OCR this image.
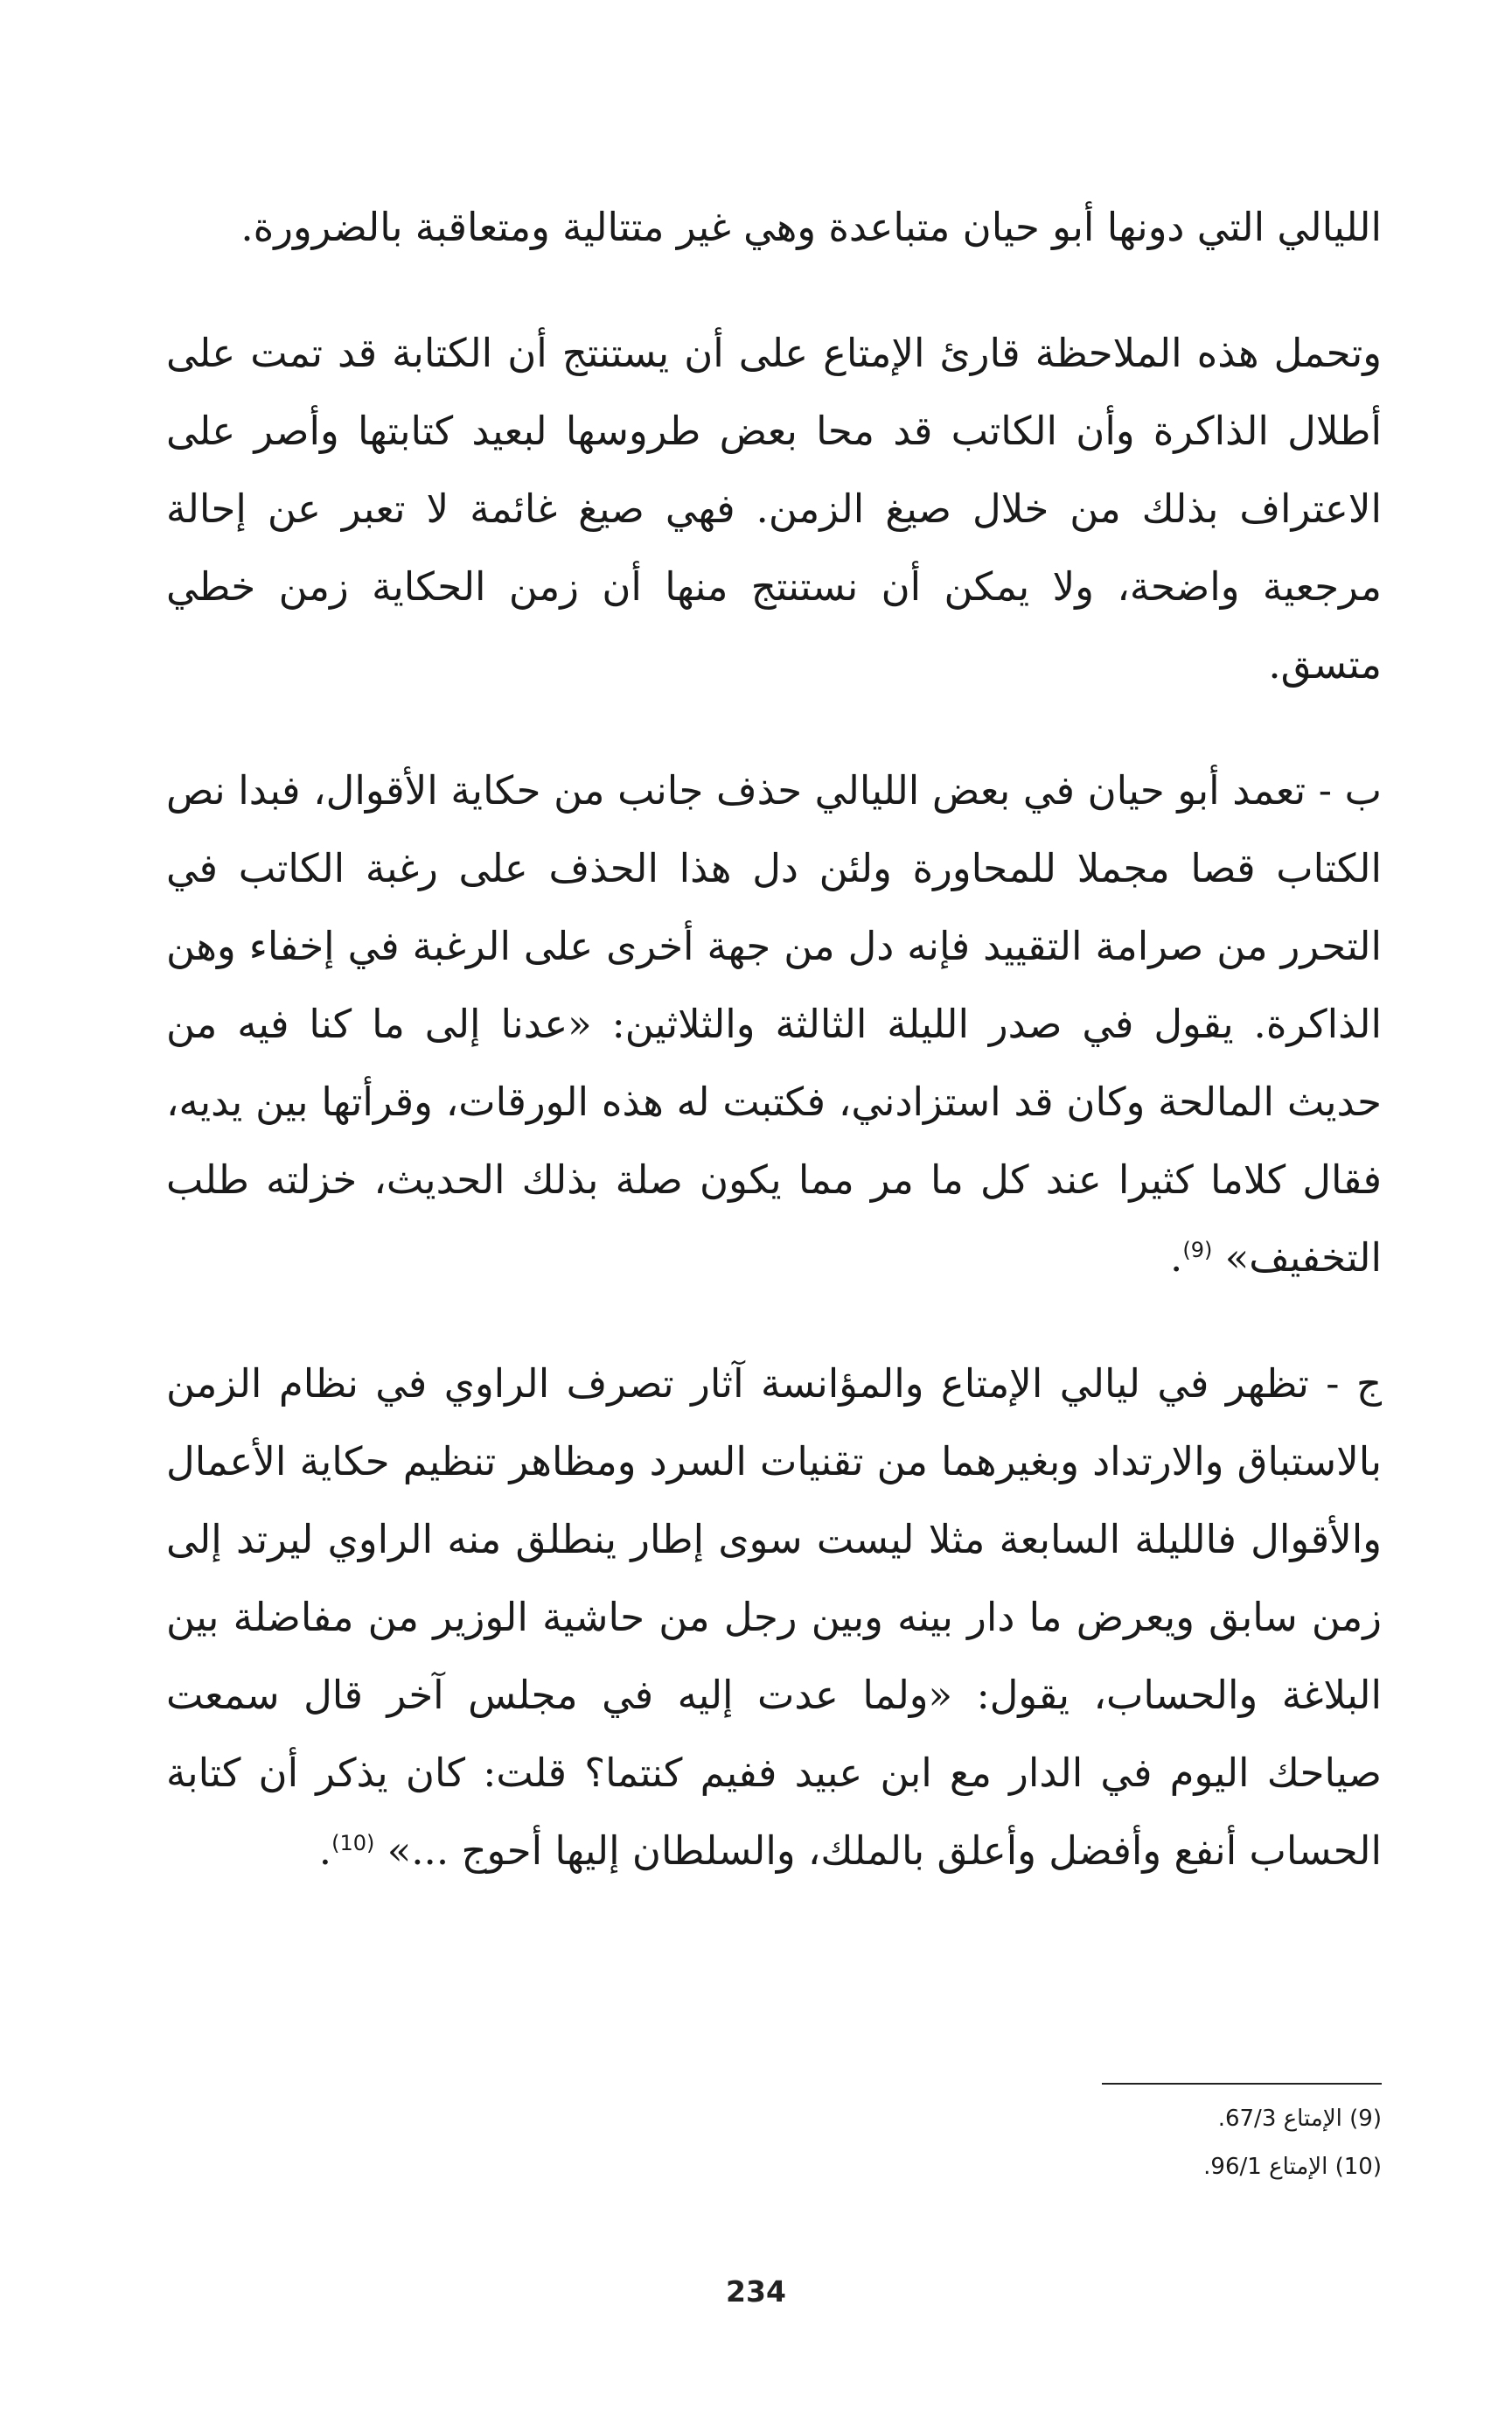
الليالي التي دونها أبو حيان متباعدة وهي غير متتالية ومتعاقبة بالضرورة.

وتحمل هذه الملاحظة قارئ الإمتاع على أن يستنتج أن الكتابة قد تمت على أطلال الذاكرة وأن الكاتب قد محا بعض طروسها لبعيد كتابتها وأصر على الاعتراف بذلك من خلال صيغ الزمن. فهي صيغ غائمة لا تعبر عن إحالة مرجعية واضحة، ولا يمكن أن نستنتج منها أن زمن الحكاية زمن خطي متسق.

ب - تعمد أبو حيان في بعض الليالي حذف جانب من حكاية الأقوال، فبدا نص الكتاب قصا مجملا للمحاورة ولئن دل هذا الحذف على رغبة الكاتب في التحرر من صرامة التقييد فإنه دل من جهة أخرى على الرغبة في إخفاء وهن الذاكرة. يقول في صدر الليلة الثالثة والثلاثين: «عدنا إلى ما كنا فيه من حديث المالحة وكان قد استزادني، فكتبت له هذه الورقات، وقرأتها بين يديه، فقال كلاما كثيرا عند كل ما مر مما يكون صلة بذلك الحديث، خزلته طلب التخفيف» $^{(9)}$.

ج - تظهر في ليالي الإمتاع والمؤانسة آثار تصرف الراوي في نظام الزمن بالاستباق والارتداد وبغيرهما من تقنيات السرد ومظاهر تنظيم حكاية الأعمال والأقوال فالليلة السابعة مثلا ليست سوى إطار ينطلق منه الراوي ليرتد إلى زمن سابق ويعرض ما دار بينه وبين رجل من حاشية الوزير من مفاضلة بين البلاغة والحساب، يقول: «ولما عدت إليه في مجلس آخر قال سمعت صياحك اليوم في الدار مع ابن عبيد ففيم كنتما؟ قلت: كان يذكر أن كتابة الحساب أنفع وأفضل وأعلق بالملك، والسلطان إليها أحوج ...» $^{(10)}$.

(9) الإمتاع 67/3.
(10) الإمتاع 96/1.
234
